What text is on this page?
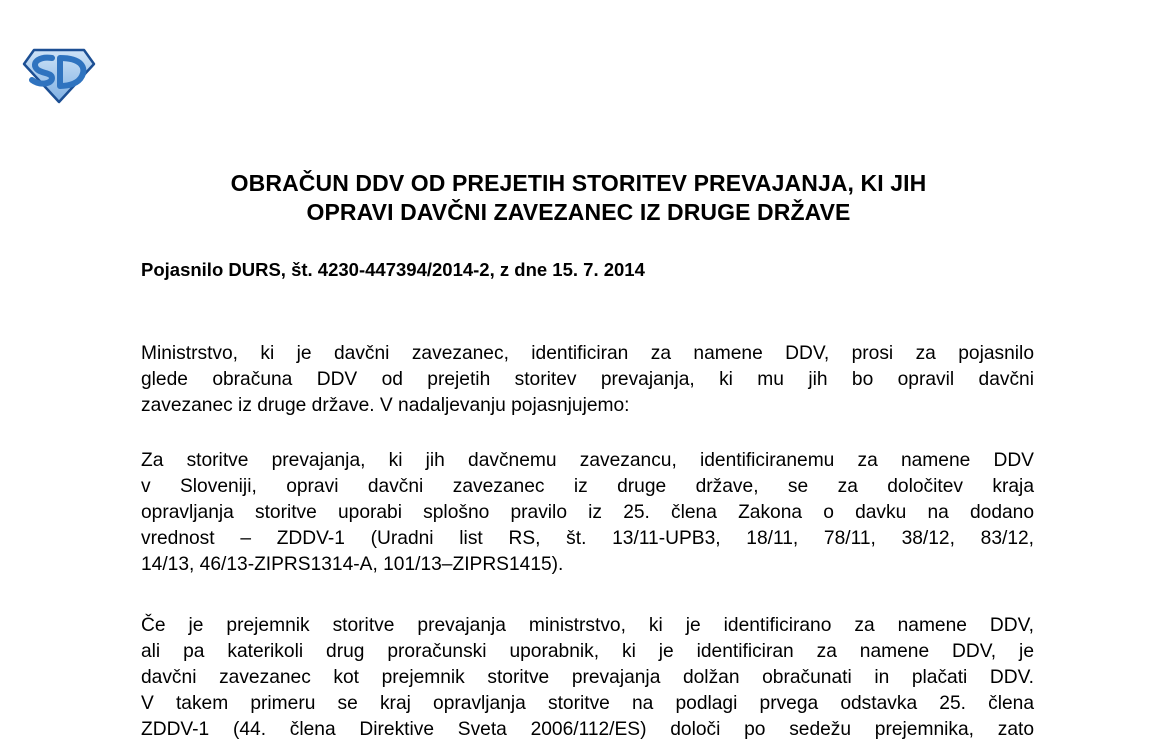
OBRAČUN DDV OD PREJETIH STORITEV PREVAJANJA, KI JIH
OPRAVI DAVČNI ZAVEZANEC IZ DRUGE DRŽAVE
Pojasnilo DURS, št. 4230-447394/2014-2, z dne 15. 7. 2014
Ministrstvo, ki je davčni zavezanec, identificiran za namene DDV, prosi za pojasnilo
glede obračuna DDV od prejetih storitev prevajanja, ki mu jih bo opravil davčni
zavezanec iz druge države. V nadaljevanju pojasnjujemo:
Za storitve prevajanja, ki jih davčnemu zavezancu, identificiranemu za namene DDV
v Sloveniji, opravi davčni zavezanec iz druge države, se za določitev kraja
opravljanja storitve uporabi splošno pravilo iz 25. člena Zakona o davku na dodano
vrednost – ZDDV-1 (Uradni list RS, št. 13/11-UPB3, 18/11, 78/11, 38/12, 83/12,
14/13, 46/13-ZIPRS1314-A, 101/13–ZIPRS1415).
Če je prejemnik storitve prevajanja ministrstvo, ki je identificirano za namene DDV,
ali pa katerikoli drug proračunski uporabnik, ki je identificiran za namene DDV, je
davčni zavezanec kot prejemnik storitve prevajanja dolžan obračunati in plačati DDV.
V takem primeru se kraj opravljanja storitve na podlagi prvega odstavka 25. člena
ZDDV-1 (44. člena Direktive Sveta 2006/112/ES) določi po sedežu prejemnika, zato
